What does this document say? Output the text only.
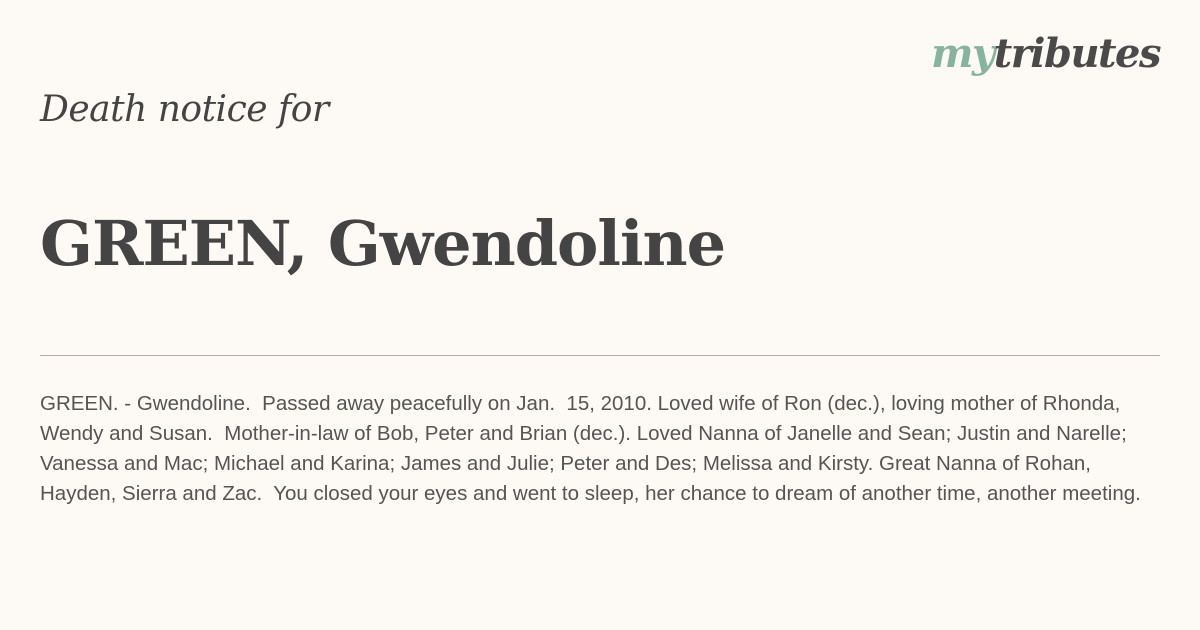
mytributes
Death notice for
GREEN, Gwendoline
GREEN. - Gwendoline.  Passed away peacefully on Jan.  15, 2010. Loved wife of Ron (dec.), loving mother of Rhonda, Wendy and Susan.  Mother-in-law of Bob, Peter and Brian (dec.). Loved Nanna of Janelle and Sean; Justin and Narelle; Vanessa and Mac; Michael and Karina; James and Julie; Peter and Des; Melissa and Kirsty. Great Nanna of Rohan, Hayden, Sierra and Zac.  You closed your eyes and went to sleep, her chance to dream of another time, another meeting.
